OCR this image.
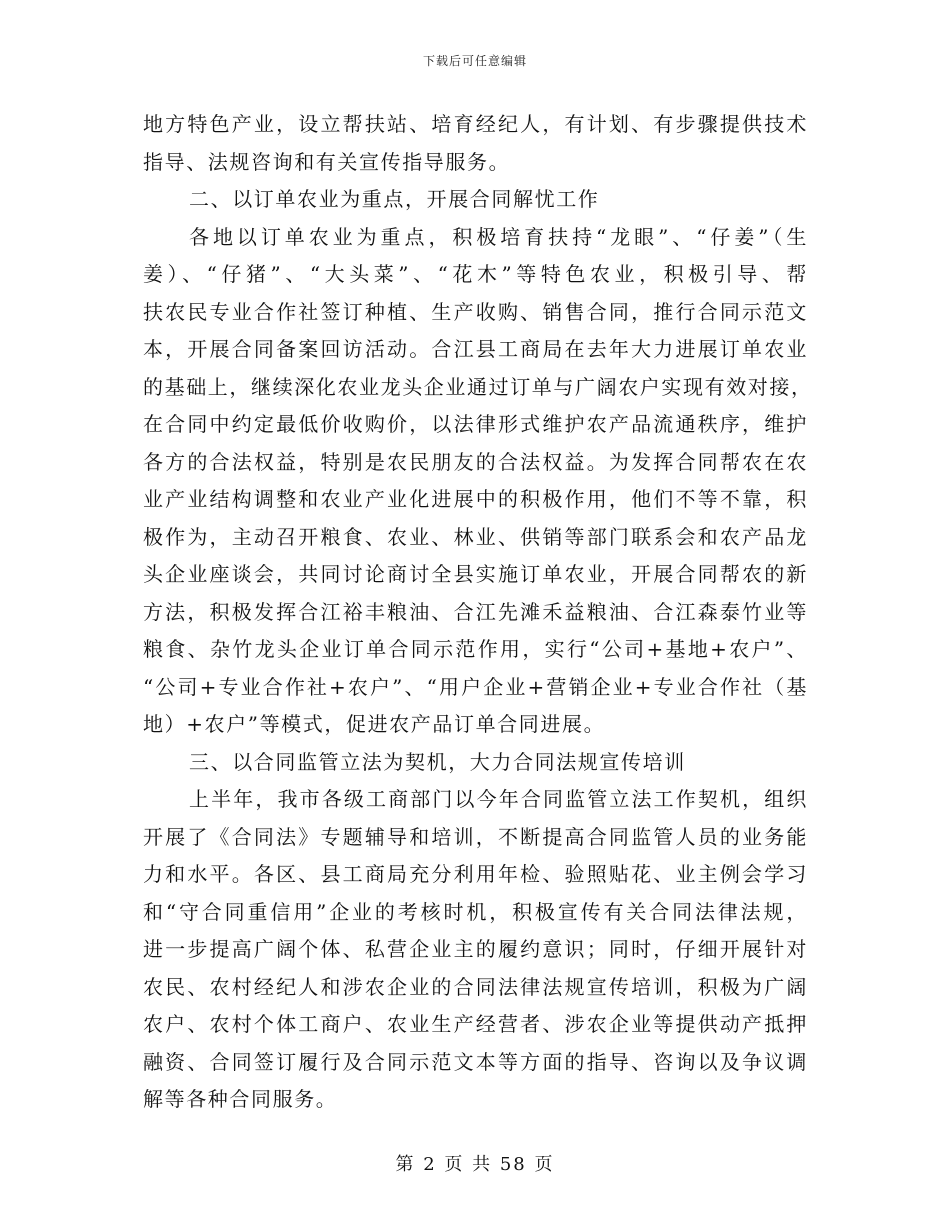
下载后可任意编辑
地方特色产业，设立帮扶站、培育经纪人，有计划、有步骤提供技术
指导、法规咨询和有关宣传指导服务。
二、以订单农业为重点，开展合同解忧工作
各地以订单农业为重点，积极培育扶持“龙眼”、“仔姜”（生
姜）、“仔猪”、“大头菜”、“花木”等特色农业，积极引导、帮
扶农民专业合作社签订种植、生产收购、销售合同，推行合同示范文
本，开展合同备案回访活动。合江县工商局在去年大力进展订单农业
的基础上，继续深化农业龙头企业通过订单与广阔农户实现有效对接，
在合同中约定最低价收购价，以法律形式维护农产品流通秩序，维护
各方的合法权益，特别是农民朋友的合法权益。为发挥合同帮农在农
业产业结构调整和农业产业化进展中的积极作用，他们不等不靠，积
极作为，主动召开粮食、农业、林业、供销等部门联系会和农产品龙
头企业座谈会，共同讨论商讨全县实施订单农业，开展合同帮农的新
方法，积极发挥合江裕丰粮油、合江先滩禾益粮油、合江森泰竹业等
粮食、杂竹龙头企业订单合同示范作用，实行“公司+基地+农户”、
“公司+专业合作社+农户”、“用户企业+营销企业+专业合作社（基
地）+农户”等模式，促进农产品订单合同进展。
三、以合同监管立法为契机，大力合同法规宣传培训
上半年，我市各级工商部门以今年合同监管立法工作契机，组织
开展了《合同法》专题辅导和培训，不断提高合同监管人员的业务能
力和水平。各区、县工商局充分利用年检、验照贴花、业主例会学习
和“守合同重信用”企业的考核时机，积极宣传有关合同法律法规，
进一步提高广阔个体、私营企业主的履约意识；同时，仔细开展针对
农民、农村经纪人和涉农企业的合同法律法规宣传培训，积极为广阔
农户、农村个体工商户、农业生产经营者、涉农企业等提供动产抵押
融资、合同签订履行及合同示范文本等方面的指导、咨询以及争议调
解等各种合同服务。
第 2 页 共 58 页
